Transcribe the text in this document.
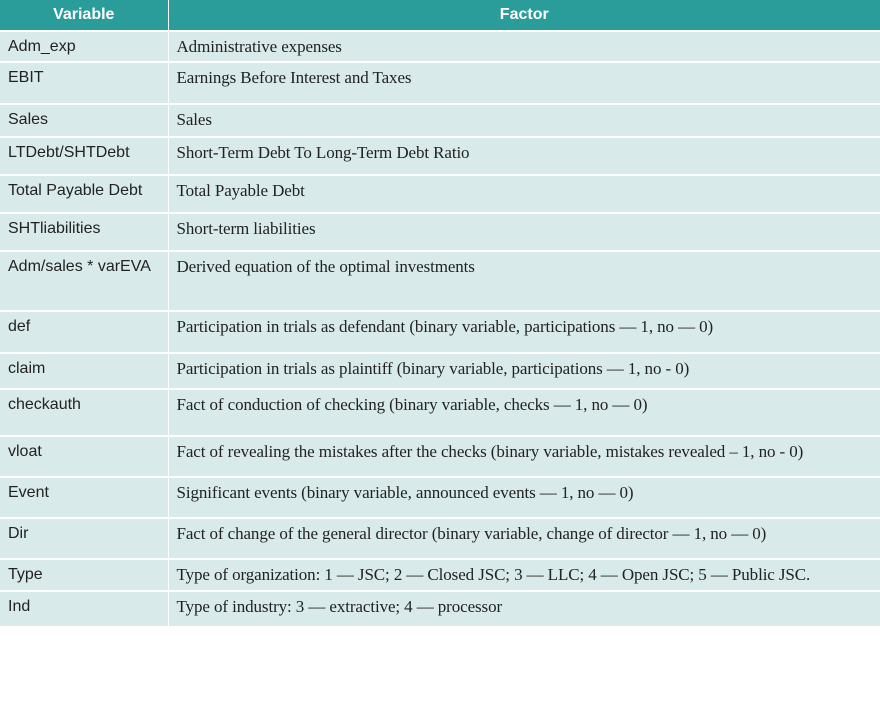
Variable	Factor
Adm_exp	Administrative expenses
EBIT	Earnings Before Interest and Taxes
Sales	Sales
LTDebt/SHTDebt	Short-Term Debt To Long-Term Debt Ratio
Total Payable Debt	Total Payable Debt
SHTliabilities	Short-term liabilities
Adm/sales * varEVA	Derived equation of the optimal investments
def	Participation in trials as defendant (binary variable, participations — 1, no — 0)
claim	Participation in trials as plaintiff (binary variable, participations — 1, no - 0)
checkauth	Fact of conduction of checking (binary variable, checks — 1, no — 0)
vloat	Fact of revealing the mistakes after the checks (binary variable, mistakes revealed – 1, no - 0)
Event	Significant events (binary variable, announced events — 1, no — 0)
Dir	Fact of change of the general director (binary variable, change of director — 1, no — 0)
Type	Type of organization: 1 — JSC; 2 — Closed JSC; 3 — LLC; 4 — Open JSC; 5 — Public JSC.
Ind	Type of industry: 3 — extractive; 4 — processor
